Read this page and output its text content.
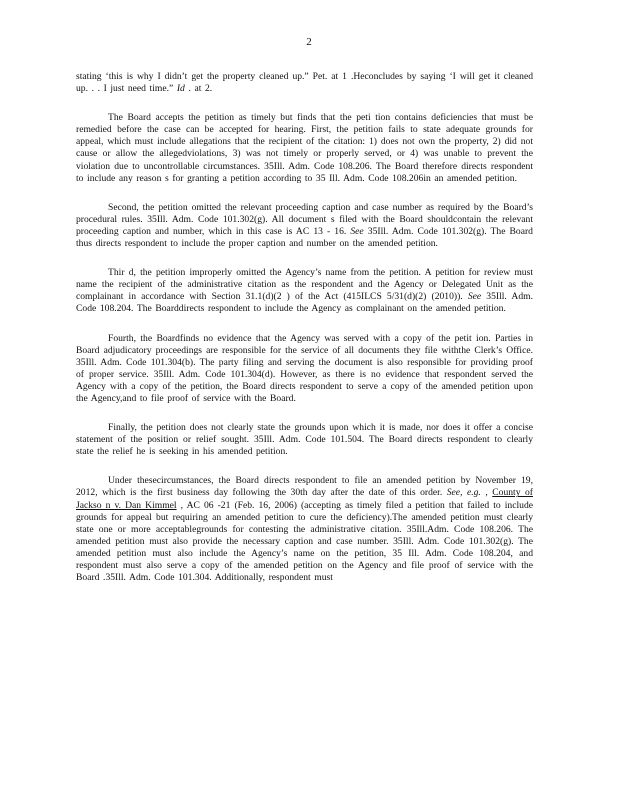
2

stating ‘this is why I didn’t get the property cleaned up.” Pet. at 1 .Heconcludes by saying ‘I will get it cleaned up. . . I just need time.” Id . at 2.

The Board accepts the petition as timely but finds that the peti tion contains deficiencies that must be remedied before the case can be accepted for hearing. First, the petition fails to state adequate grounds for appeal, which must include allegations that the recipient of the citation: 1) does not own the property, 2) did not cause or allow the allegedviolations, 3) was not timely or properly served, or 4) was unable to prevent the violation due to uncontrollable circumstances. 35Ill. Adm. Code 108.206. The Board therefore directs respondent to include any reason s for granting a petition according to 35 Ill. Adm. Code 108.206in an amended petition.

Second, the petition omitted the relevant proceeding caption and case number as required by the Board’s procedural rules. 35Ill. Adm. Code 101.302(g). All document s filed with the Board shouldcontain the relevant proceeding caption and number, which in this case is AC 13 - 16. See 35Ill. Adm. Code 101.302(g). The Board thus directs respondent to include the proper caption and number on the amended petition.

Thir d, the petition improperly omitted the Agency’s name from the petition. A petition for review must name the recipient of the administrative citation as the respondent and the Agency or Delegated Unit as the complainant in accordance with Section 31.1(d)(2 ) of the Act (415ILCS 5/31(d)(2) (2010)). See 35Ill. Adm. Code 108.204. The Boarddirects respondent to include the Agency as complainant on the amended petition.

Fourth, the Boardfinds no evidence that the Agency was served with a copy of the petit ion. Parties in Board adjudicatory proceedings are responsible for the service of all documents they file withthe Clerk’s Office. 35Ill. Adm. Code 101.304(b). The party filing and serving the document is also responsible for providing proof of proper service. 35Ill. Adm. Code 101.304(d). However, as there is no evidence that respondent served the Agency with a copy of the petition, the Board directs respondent to serve a copy of the amended petition upon the Agency,and to file proof of service with the Board.

Finally, the petition does not clearly state the grounds upon which it is made, nor does it offer a concise statement of the position or relief sought. 35Ill. Adm. Code 101.504. The Board directs respondent to clearly state the relief he is seeking in his amended petition.

Under thesecircumstances, the Board directs respondent to file an amended petition by November 19, 2012, which is the first business day following the 30th day after the date of this order. See, e.g. , County of Jackso n v. Dan Kimmel , AC 06 -21 (Feb. 16, 2006) (accepting as timely filed a petition that failed to include grounds for appeal but requiring an amended petition to cure the deficiency).The amended petition must clearly state one or more acceptablegrounds for contesting the administrative citation. 35Ill.Adm. Code 108.206. The amended petition must also provide the necessary caption and case number. 35Ill. Adm. Code 101.302(g). The amended petition must also include the Agency’s name on the petition, 35 Ill. Adm. Code 108.204, and respondent must also serve a copy of the amended petition on the Agency and file proof of service with the Board .35Ill. Adm. Code 101.304. Additionally, respondent must
